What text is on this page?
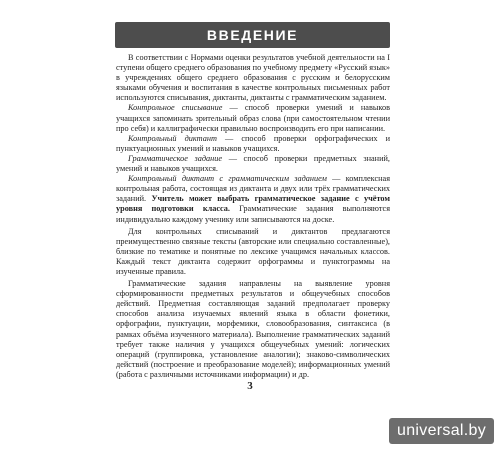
ВВЕДЕНИЕ

В соответствии с Нормами оценки результатов учебной деятельности на I ступени общего среднего образования по учебному предмету «Русский язык» в учреждениях общего среднего образования с русским и белорусским языками обучения и воспитания в качестве контрольных письменных работ используются списывания, диктанты, диктанты с грамматическим заданием.

Контрольное списывание — способ проверки умений и навыков учащихся запоминать зрительный образ слова (при самостоятельном чтении про себя) и каллиграфически правильно воспроизводить его при написании.

Контрольный диктант — способ проверки орфографических и пунктуационных умений и навыков учащихся.

Грамматическое задание — способ проверки предметных знаний, умений и навыков учащихся.

Контрольный диктант с грамматическим заданием — комплексная контрольная работа, состоящая из диктанта и двух или трёх грамматических заданий. Учитель может выбрать грамматическое задание с учётом уровня подготовки класса. Грамматические задания выполняются индивидуально каждому ученику или записываются на доске.

Для контрольных списываний и диктантов предлагаются преимущественно связные тексты (авторские или специально составленные), близкие по тематике и понятные по лексике учащимся начальных классов. Каждый текст диктанта содержит орфограммы и пунктограммы на изученные правила.

Грамматические задания направлены на выявление уровня сформированности предметных результатов и общеучебных способов действий. Предметная составляющая заданий предполагает проверку способов анализа изучаемых явлений языка в области фонетики, орфографии, пунктуации, морфемики, словообразования, синтаксиса (в рамках объёма изученного материала). Выполнение грамматических заданий требует также наличия у учащихся общеучебных умений: логических операций (группировка, установление аналогии); знаково-символических действий (построение и преобразование моделей); информационных умений (работа с различными источниками информации) и др.

3
universal.by
